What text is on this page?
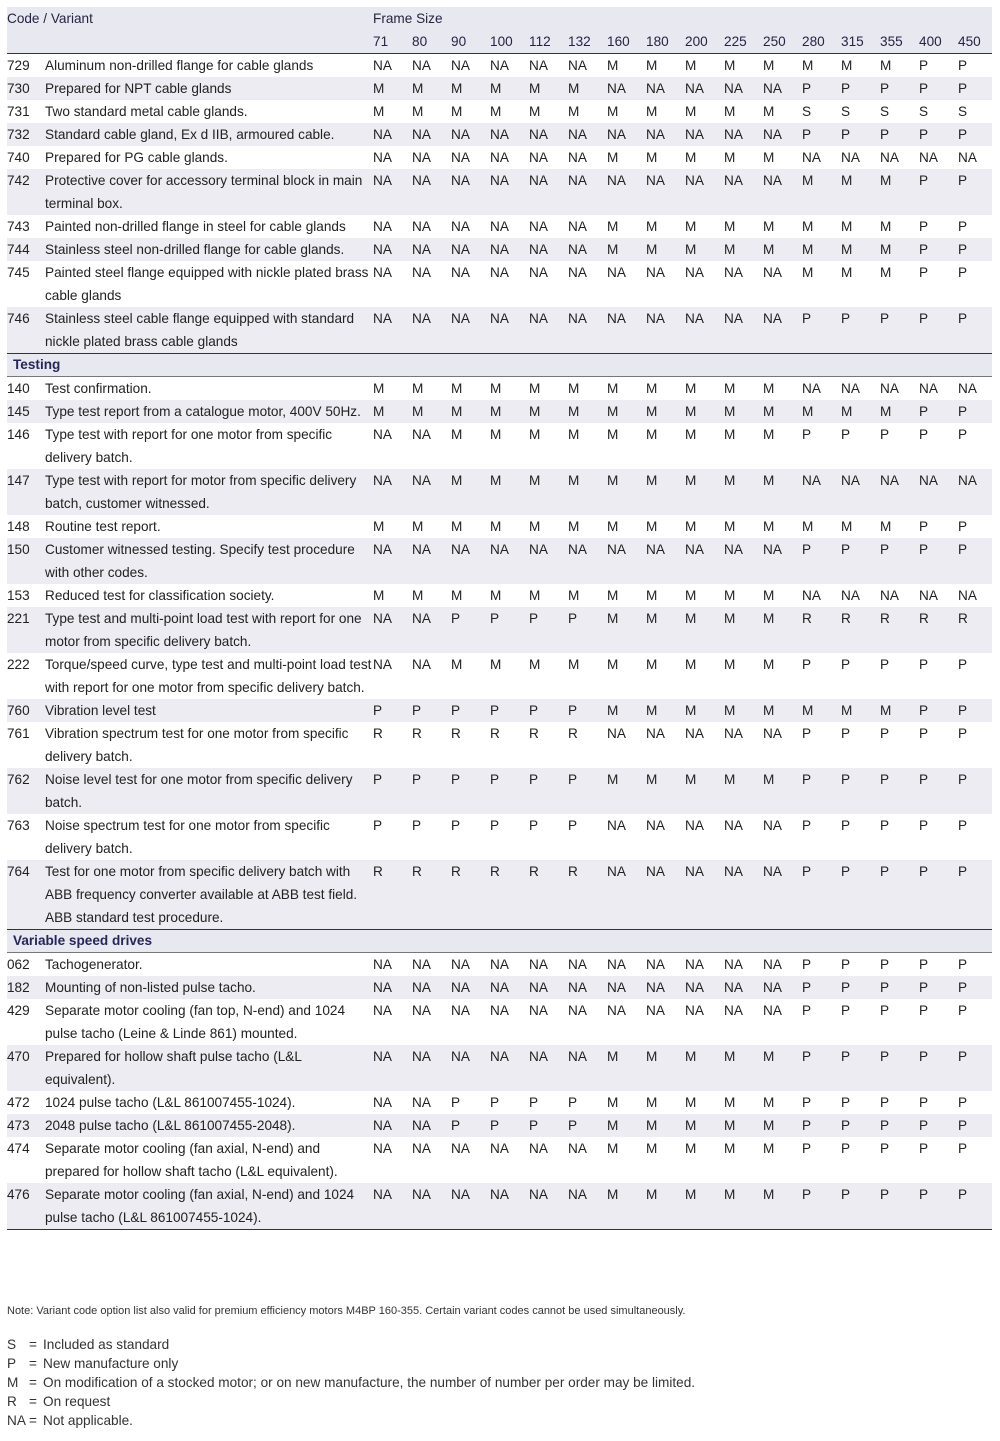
Code / Variant		Frame Size															
		71	80	90	100	112	132	160	180	200	225	250	280	315	355	400	450
729	Aluminum non-drilled flange for cable glands	NA	NA	NA	NA	NA	NA	M	M	M	M	M	M	M	M	P	P
730	Prepared for NPT cable glands	M	M	M	M	M	M	NA	NA	NA	NA	NA	P	P	P	P	P
731	Two standard metal cable glands.	M	M	M	M	M	M	M	M	M	M	M	S	S	S	S	S
732	Standard cable gland, Ex d IIB, armoured cable.	NA	NA	NA	NA	NA	NA	NA	NA	NA	NA	NA	P	P	P	P	P
740	Prepared for PG cable glands.	NA	NA	NA	NA	NA	NA	M	M	M	M	M	NA	NA	NA	NA	NA
742	Protective cover for accessory terminal block in main terminal box.	NA	NA	NA	NA	NA	NA	NA	NA	NA	NA	NA	M	M	M	P	P
743	Painted non-drilled flange in steel for cable glands	NA	NA	NA	NA	NA	NA	M	M	M	M	M	M	M	M	P	P
744	Stainless steel non-drilled flange for cable glands.	NA	NA	NA	NA	NA	NA	M	M	M	M	M	M	M	M	P	P
745	Painted steel flange equipped with nickle plated brass cable glands	NA	NA	NA	NA	NA	NA	NA	NA	NA	NA	NA	M	M	M	P	P
746	Stainless steel cable flange equipped with standard nickle plated brass cable glands	NA	NA	NA	NA	NA	NA	NA	NA	NA	NA	NA	P	P	P	P	P
Testing																	
140	Test confirmation.	M	M	M	M	M	M	M	M	M	M	M	NA	NA	NA	NA	NA
145	Type test report from a catalogue motor, 400V 50Hz.	M	M	M	M	M	M	M	M	M	M	M	M	M	M	P	P
146	Type test with report for one motor from specific delivery batch.	NA	NA	M	M	M	M	M	M	M	M	M	P	P	P	P	P
147	Type test with report for motor from specific delivery batch, customer witnessed.	NA	NA	M	M	M	M	M	M	M	M	M	NA	NA	NA	NA	NA
148	Routine test report.	M	M	M	M	M	M	M	M	M	M	M	M	M	M	P	P
150	Customer witnessed testing. Specify test procedure with other codes.	NA	NA	NA	NA	NA	NA	NA	NA	NA	NA	NA	P	P	P	P	P
153	Reduced test for classification society.	M	M	M	M	M	M	M	M	M	M	M	NA	NA	NA	NA	NA
221	Type test and multi-point load test with report for one motor from specific delivery batch.	NA	NA	P	P	P	P	M	M	M	M	M	R	R	R	R	R
222	Torque/speed curve, type test and multi-point load test with report for one motor from specific delivery batch.	NA	NA	M	M	M	M	M	M	M	M	M	P	P	P	P	P
760	Vibration level test	P	P	P	P	P	P	M	M	M	M	M	M	M	M	P	P
761	Vibration spectrum test for one motor from specific delivery batch.	R	R	R	R	R	R	NA	NA	NA	NA	NA	P	P	P	P	P
762	Noise level test for one motor from specific delivery batch.	P	P	P	P	P	P	M	M	M	M	M	P	P	P	P	P
763	Noise spectrum test for one motor from specific delivery batch.	P	P	P	P	P	P	NA	NA	NA	NA	NA	P	P	P	P	P
764	Test for one motor from specific delivery batch with ABB frequency converter available at ABB test field. ABB standard test procedure.	R	R	R	R	R	R	NA	NA	NA	NA	NA	P	P	P	P	P
Variable speed drives																	
062	Tachogenerator.	NA	NA	NA	NA	NA	NA	NA	NA	NA	NA	NA	P	P	P	P	P
182	Mounting of non-listed pulse tacho.	NA	NA	NA	NA	NA	NA	NA	NA	NA	NA	NA	P	P	P	P	P
429	Separate motor cooling (fan top, N-end) and 1024 pulse tacho (Leine & Linde 861) mounted.	NA	NA	NA	NA	NA	NA	NA	NA	NA	NA	NA	P	P	P	P	P
470	Prepared for hollow shaft pulse tacho (L&L equivalent).	NA	NA	NA	NA	NA	NA	M	M	M	M	M	P	P	P	P	P
472	1024 pulse tacho (L&L 861007455-1024).	NA	NA	P	P	P	P	M	M	M	M	M	P	P	P	P	P
473	2048 pulse tacho (L&L 861007455-2048).	NA	NA	P	P	P	P	M	M	M	M	M	P	P	P	P	P
474	Separate motor cooling (fan axial, N-end) and prepared for hollow shaft tacho (L&L equivalent).	NA	NA	NA	NA	NA	NA	M	M	M	M	M	P	P	P	P	P
476	Separate motor cooling (fan axial, N-end) and 1024 pulse tacho (L&L 861007455-1024).	NA	NA	NA	NA	NA	NA	M	M	M	M	M	P	P	P	P	P
Note: Variant code option list also valid for premium efficiency motors M4BP 160-355. Certain variant codes cannot be used simultaneously.
S = Included as standard
P = New manufacture only
M = On modification of a stocked motor; or on new manufacture, the number of number per order may be limited.
R = On request
NA = Not applicable.
